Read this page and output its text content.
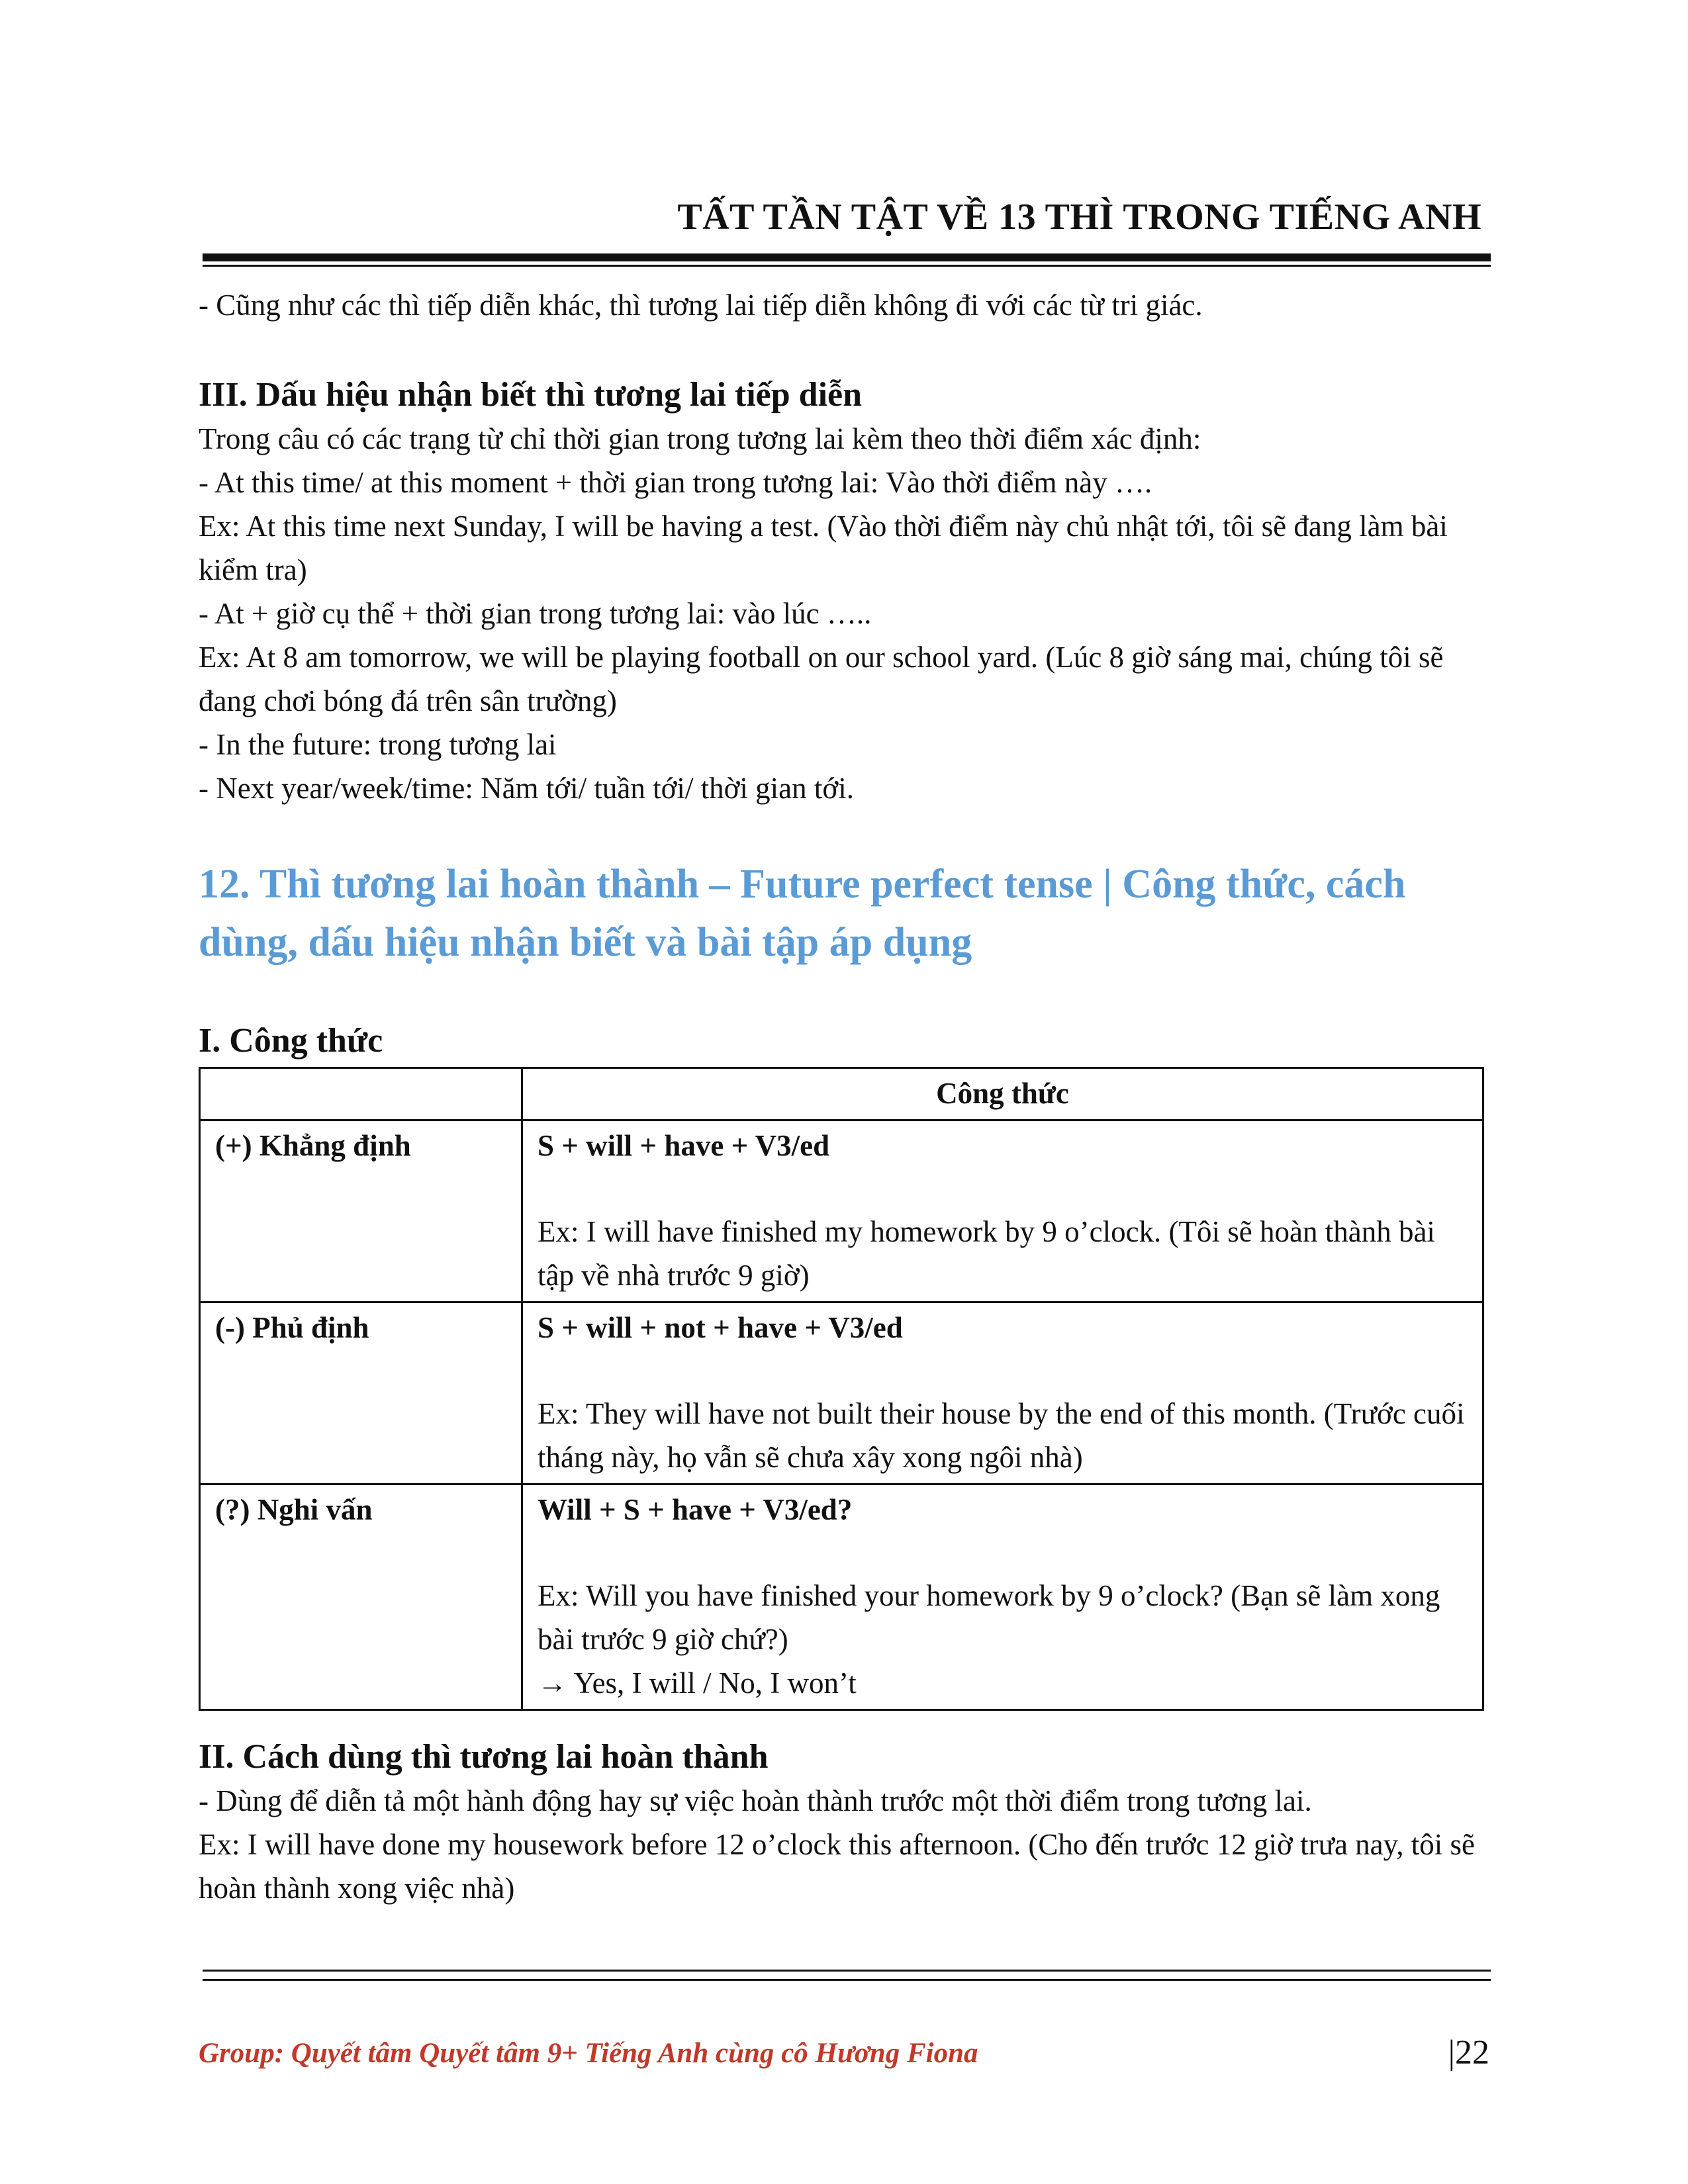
TẤT TẦN TẬT VỀ 13 THÌ TRONG TIẾNG ANH

- Cũng như các thì tiếp diễn khác, thì tương lai tiếp diễn không đi với các từ tri giác.

III. Dấu hiệu nhận biết thì tương lai tiếp diễn

Trong câu có các trạng từ chỉ thời gian trong tương lai kèm theo thời điểm xác định:

- At this time/ at this moment + thời gian trong tương lai: Vào thời điểm này ….

Ex: At this time next Sunday, I will be having a test. (Vào thời điểm này chủ nhật tới, tôi sẽ đang làm bài kiểm tra)

- At + giờ cụ thể + thời gian trong tương lai: vào lúc …..

Ex: At 8 am tomorrow, we will be playing football on our school yard. (Lúc 8 giờ sáng mai, chúng tôi sẽ đang chơi bóng đá trên sân trường)

- In the future: trong tương lai

- Next year/week/time: Năm tới/ tuần tới/ thời gian tới.

12. Thì tương lai hoàn thành – Future perfect tense | Công thức, cách dùng, dấu hiệu nhận biết và bài tập áp dụng

I. Công thức

	Công thức
(+) Khẳng định	S + will + have + V3/ed
Ex: I will have finished my homework by 9 o’clock. (Tôi sẽ hoàn thành bài tập về nhà trước 9 giờ)
(-) Phủ định	S + will + not + have + V3/ed
Ex: They will have not built their house by the end of this month. (Trước cuối tháng này, họ vẫn sẽ chưa xây xong ngôi nhà)
(?) Nghi vấn	Will + S + have + V3/ed?
Ex: Will you have finished your homework by 9 o’clock? (Bạn sẽ làm xong bài trước 9 giờ chứ?)
→ Yes, I will / No, I won’t

II. Cách dùng thì tương lai hoàn thành

- Dùng để diễn tả một hành động hay sự việc hoàn thành trước một thời điểm trong tương lai.

Ex: I will have done my housework before 12 o’clock this afternoon. (Cho đến trước 12 giờ trưa nay, tôi sẽ hoàn thành xong việc nhà)

Group: Quyết tâm Quyết tâm 9+ Tiếng Anh cùng cô Hương Fiona	|22
